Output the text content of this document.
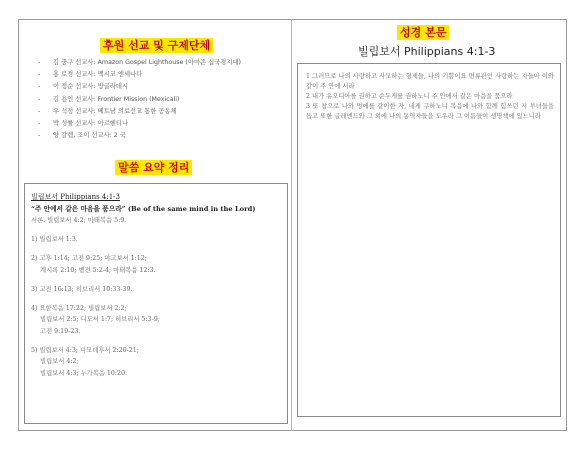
후원 선교 및 구제단체
- 김 중구 선교사: Amazon Gospel Lighthouse (아마존 십국경지대)
- 홍 로경 선교사: 멕시코 엔세나다
- 이 정순 선교사: 방글라데시
- 김 용인 선교사: Frontier Mission (Mexicali)
- 우 석정 선교사: 베트남 의료선교 통한 공동체
- 박 성률 선교사: 아르헨티나
- 양 갈렙, 조이 선교사: 2 국
말씀 요약 정리
빌립보서 Philippians 4:1-3
“주 안에서 같은 마음을 품으라” (Be of the same mind in the Lord)
서론. 빌립보서 4:2; 마태복음 5:9.
1) 빌립보서 1:3.
2) 고후 1:14; 고전 9:25; 야고보서 1:12;
계시록 2:10; 벧전 5:2-4; 마태복음 12:3.
3) 고전 16:13; 히브리서 10:33-39.
4) 요한복음 17:22; 빌립보서 2:2;
빌립보서 2:5; 디도서 1:7; 히브리서 5:3-9;
고전 9:19-23.
5) 빌립보서 4:3; 디모데후서 2:20-21;
빌립보서 4:2;
빌립보서 4:3; 누가복음 10:20.
성경 본문
빌립보서 Philippians 4:1-3

1 그러므로 나의 사랑하고 사모하는 형제들, 나의 기쁨이요 면류관인 사랑하는 자들아 이와 같이 주 안에 서라

2 내가 유오디아를 권하고 순두게를 권하노니 주 안에서 같은 마음을 품으라

3 또 참으로 나와 멍에를 같이한 자, 네게 구하노니 복음에 나와 함께 힘쓰던 저 부녀들을 돕고 또한 글레멘드와 그 외에 나의 동역자들을 도우라 그 이름들이 생명책에 있느니라
